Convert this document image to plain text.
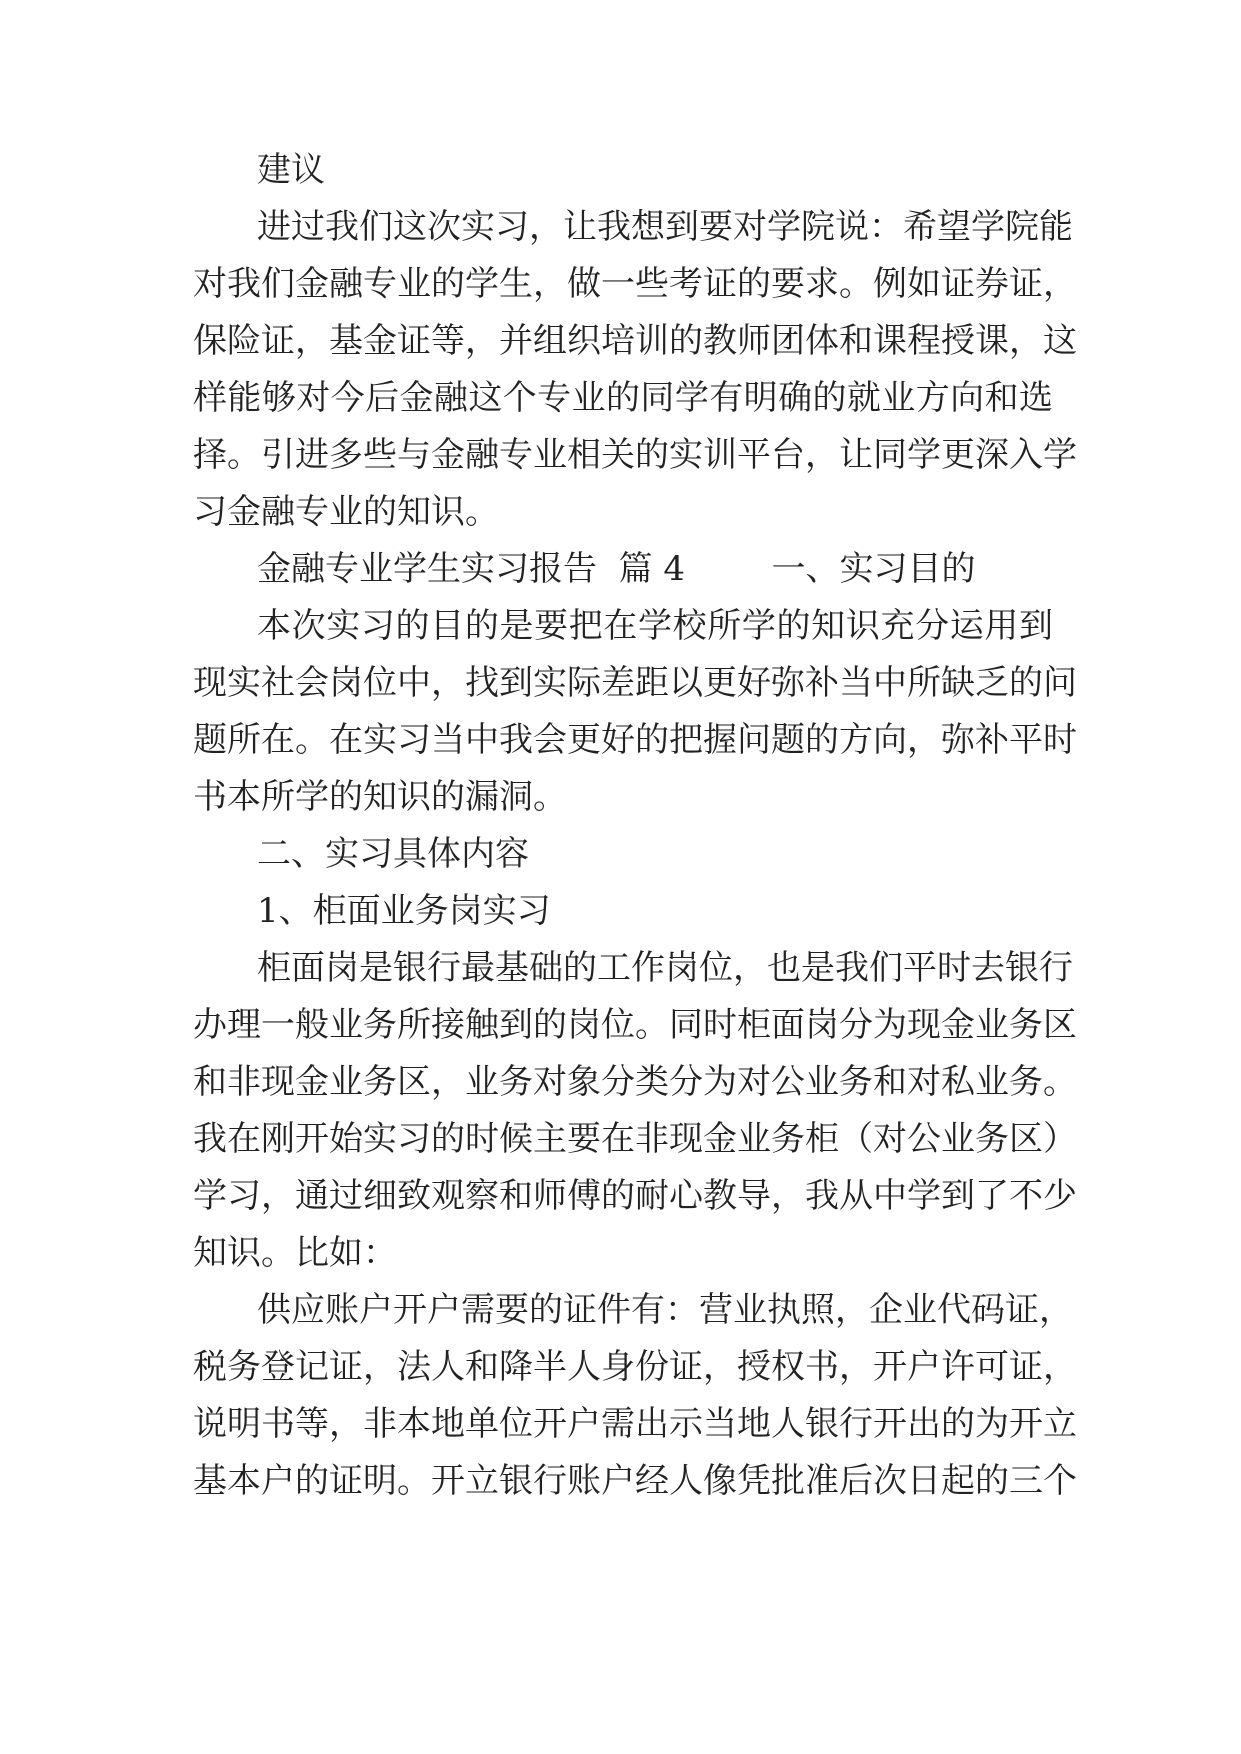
建议
进过我们这次实习，让我想到要对学院说：希望学院能
对我们金融专业的学生，做一些考证的要求。例如证券证，
保险证，基金证等，并组织培训的教师团体和课程授课，这
样能够对今后金融这个专业的同学有明确的就业方向和选
择。引进多些与金融专业相关的实训平台，让同学更深入学
习金融专业的知识。
金融专业学生实习报告  篇 4        一、实习目的
本次实习的目的是要把在学校所学的知识充分运用到
现实社会岗位中，找到实际差距以更好弥补当中所缺乏的问
题所在。在实习当中我会更好的把握问题的方向，弥补平时
书本所学的知识的漏洞。
二、实习具体内容
1、柜面业务岗实习
柜面岗是银行最基础的工作岗位，也是我们平时去银行
办理一般业务所接触到的岗位。同时柜面岗分为现金业务区
和非现金业务区，业务对象分类分为对公业务和对私业务。
我在刚开始实习的时候主要在非现金业务柜（对公业务区）
学习，通过细致观察和师傅的耐心教导，我从中学到了不少
知识。比如：
供应账户开户需要的证件有：营业执照，企业代码证，
税务登记证，法人和降半人身份证，授权书，开户许可证，
说明书等，非本地单位开户需出示当地人银行开出的为开立
基本户的证明。开立银行账户经人像凭批准后次日起的三个
